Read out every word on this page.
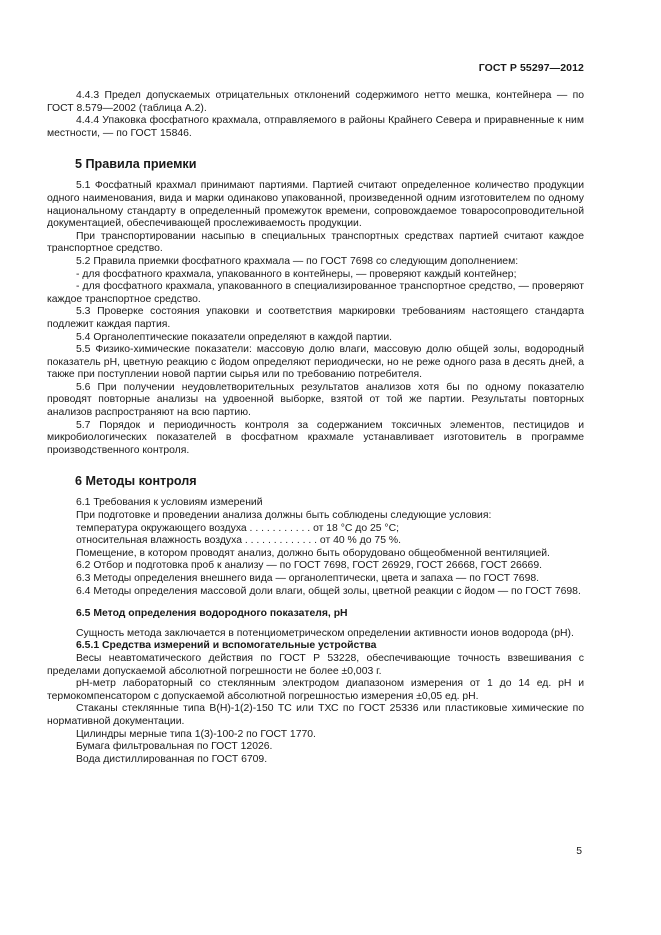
ГОСТ Р 55297—2012

4.4.3 Предел допускаемых отрицательных отклонений содержимого нетто мешка, контейнера — по ГОСТ 8.579—2002 (таблица А.2).

4.4.4 Упаковка фосфатного крахмала, отправляемого в районы Крайнего Севера и приравненные к ним местности, — по ГОСТ 15846.

5 Правила приемки

5.1 Фосфатный крахмал принимают партиями. Партией считают определенное количество продукции одного наименования, вида и марки одинаково упакованной, произведенной одним изготовителем по одному национальному стандарту в определенный промежуток времени, сопровождаемое товаросопроводительной документацией, обеспечивающей прослеживаемость продукции.

При транспортировании насыпью в специальных транспортных средствах партией считают каждое транспортное средство.

5.2 Правила приемки фосфатного крахмала — по ГОСТ 7698 со следующим дополнением:

- для фосфатного крахмала, упакованного в контейнеры, — проверяют каждый контейнер;

- для фосфатного крахмала, упакованного в специализированное транспортное средство, — проверяют каждое транспортное средство.

5.3 Проверке состояния упаковки и соответствия маркировки требованиям настоящего стандарта подлежит каждая партия.

5.4 Органолептические показатели определяют в каждой партии.

5.5 Физико-химические показатели: массовую долю влаги, массовую долю общей золы, водородный показатель pH, цветную реакцию с йодом определяют периодически, но не реже одного раза в десять дней, а также при поступлении новой партии сырья или по требованию потребителя.

5.6 При получении неудовлетворительных результатов анализов хотя бы по одному показателю проводят повторные анализы на удвоенной выборке, взятой от той же партии. Результаты повторных анализов распространяют на всю партию.

5.7 Порядок и периодичность контроля за содержанием токсичных элементов, пестицидов и микробиологических показателей в фосфатном крахмале устанавливает изготовитель в программе производственного контроля.

6 Методы контроля

6.1 Требования к условиям измерений

При подготовке и проведении анализа должны быть соблюдены следующие условия:

температура окружающего воздуха . . . . . . . . . . . от 18 °С до 25 °С;

относительная влажность воздуха . . . . . . . . . . . . . от 40 % до 75 %.

Помещение, в котором проводят анализ, должно быть оборудовано общеобменной вентиляцией.

6.2 Отбор и подготовка проб к анализу — по ГОСТ 7698, ГОСТ 26929, ГОСТ 26668, ГОСТ 26669.

6.3 Методы определения внешнего вида — органолептически, цвета и запаха — по ГОСТ 7698.

6.4 Методы определения массовой доли влаги, общей золы, цветной реакции с йодом — по ГОСТ 7698.

6.5 Метод определения водородного показателя, pH

Сущность метода заключается в потенциометрическом определении активности ионов водорода (pH).

6.5.1 Средства измерений и вспомогательные устройства

Весы неавтоматического действия по ГОСТ Р 53228, обеспечивающие точность взвешивания с пределами допускаемой абсолютной погрешности не более ±0,003 г.

pH-метр лабораторный со стеклянным электродом диапазоном измерения от 1 до 14 ед. pH и термокомпенсатором с допускаемой абсолютной погрешностью измерения ±0,05 ед. pH.

Стаканы стеклянные типа В(Н)-1(2)-150 ТС или ТХС по ГОСТ 25336 или пластиковые химические по нормативной документации.

Цилиндры мерные типа 1(3)-100-2 по ГОСТ 1770.

Бумага фильтровальная по ГОСТ 12026.

Вода дистиллированная по ГОСТ 6709.

5
